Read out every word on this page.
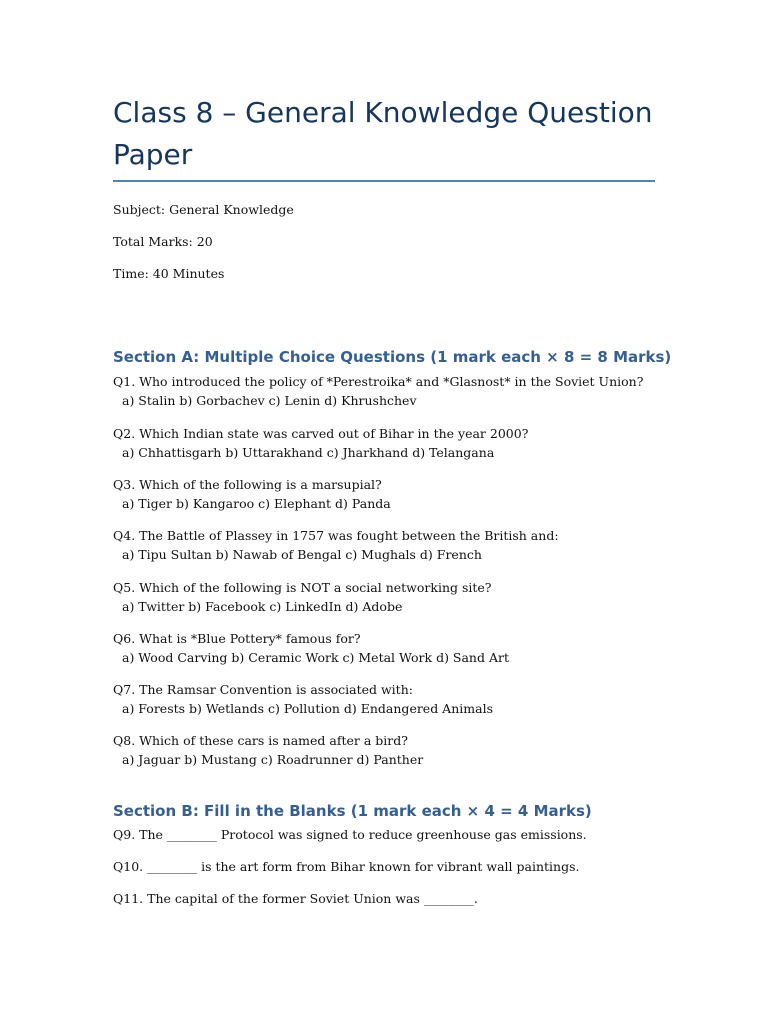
Class 8 – General Knowledge Question Paper

Subject: General Knowledge

Total Marks: 20

Time: 40 Minutes

Section A: Multiple Choice Questions (1 mark each × 8 = 8 Marks)
Q1. Who introduced the policy of *Perestroika* and *Glasnost* in the Soviet Union?
a) Stalin b) Gorbachev c) Lenin d) Khrushchev
Q2. Which Indian state was carved out of Bihar in the year 2000?
a) Chhattisgarh b) Uttarakhand c) Jharkhand d) Telangana
Q3. Which of the following is a marsupial?
a) Tiger b) Kangaroo c) Elephant d) Panda
Q4. The Battle of Plassey in 1757 was fought between the British and:
a) Tipu Sultan b) Nawab of Bengal c) Mughals d) French
Q5. Which of the following is NOT a social networking site?
a) Twitter b) Facebook c) LinkedIn d) Adobe
Q6. What is *Blue Pottery* famous for?
a) Wood Carving b) Ceramic Work c) Metal Work d) Sand Art
Q7. The Ramsar Convention is associated with:
a) Forests b) Wetlands c) Pollution d) Endangered Animals
Q8. Which of these cars is named after a bird?
a) Jaguar b) Mustang c) Roadrunner d) Panther
Section B: Fill in the Blanks (1 mark each × 4 = 4 Marks)
Q9. The ________ Protocol was signed to reduce greenhouse gas emissions.
Q10. ________ is the art form from Bihar known for vibrant wall paintings.
Q11. The capital of the former Soviet Union was ________.
